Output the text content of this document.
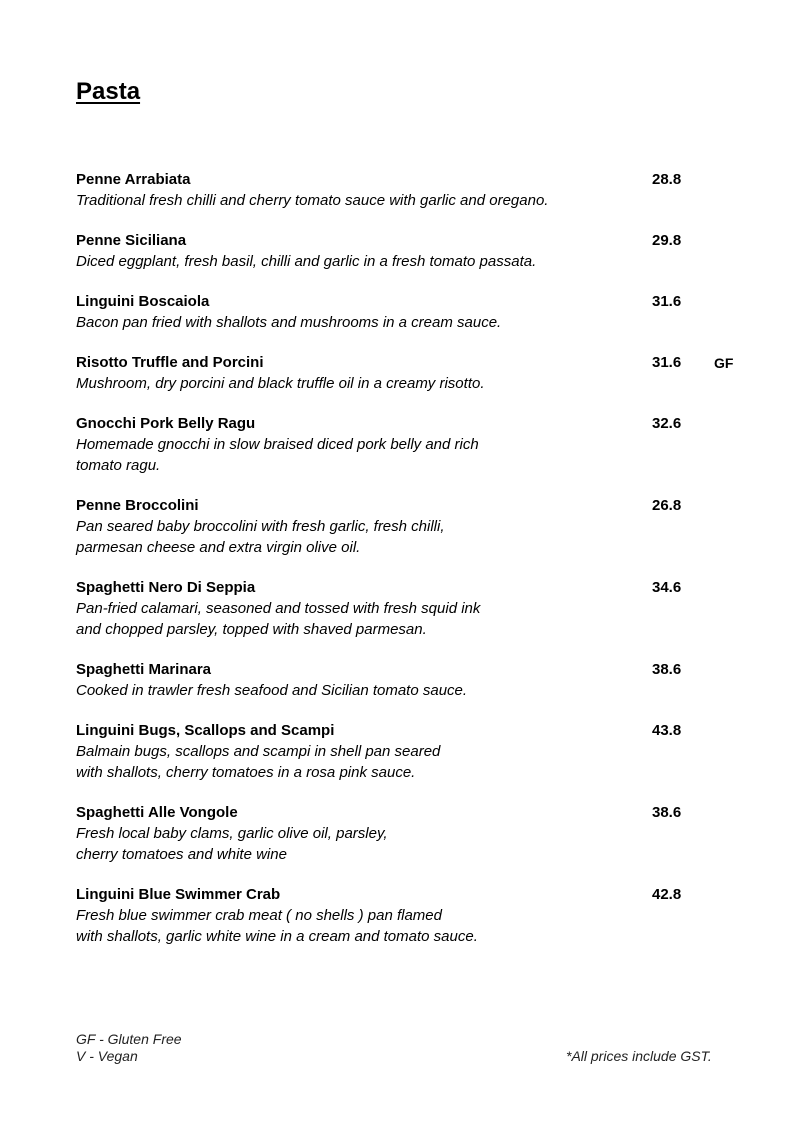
Pasta
Penne Arrabiata
Traditional fresh chilli and cherry tomato sauce with garlic and oregano.
28.8
Penne Siciliana
Diced eggplant, fresh basil, chilli and garlic in a fresh tomato passata.
29.8
Linguini Boscaiola
Bacon pan fried with shallots and mushrooms in a cream sauce.
31.6
Risotto Truffle and Porcini
Mushroom, dry porcini and black truffle oil in a creamy risotto.
31.6 GF
Gnocchi Pork Belly Ragu
Homemade gnocchi in slow braised diced pork belly and rich
tomato ragu.
32.6
Penne Broccolini
Pan seared baby broccolini with fresh garlic, fresh chilli,
parmesan cheese and extra virgin olive oil.
26.8
Spaghetti Nero Di Seppia
Pan-fried calamari, seasoned and tossed with fresh squid ink
and chopped parsley, topped with shaved parmesan.
34.6
Spaghetti Marinara
Cooked in trawler fresh seafood and Sicilian tomato sauce.
38.6
Linguini Bugs, Scallops and Scampi
Balmain bugs, scallops and scampi in shell pan seared
with shallots, cherry tomatoes in a rosa pink sauce.
43.8
Spaghetti Alle Vongole
Fresh local baby clams, garlic olive oil, parsley,
cherry tomatoes and white wine
38.6
Linguini Blue Swimmer Crab
Fresh blue swimmer crab meat ( no shells ) pan flamed
with shallots, garlic white wine in a cream and tomato sauce.
42.8
GF - Gluten Free
V - Vegan	*All prices include GST.
